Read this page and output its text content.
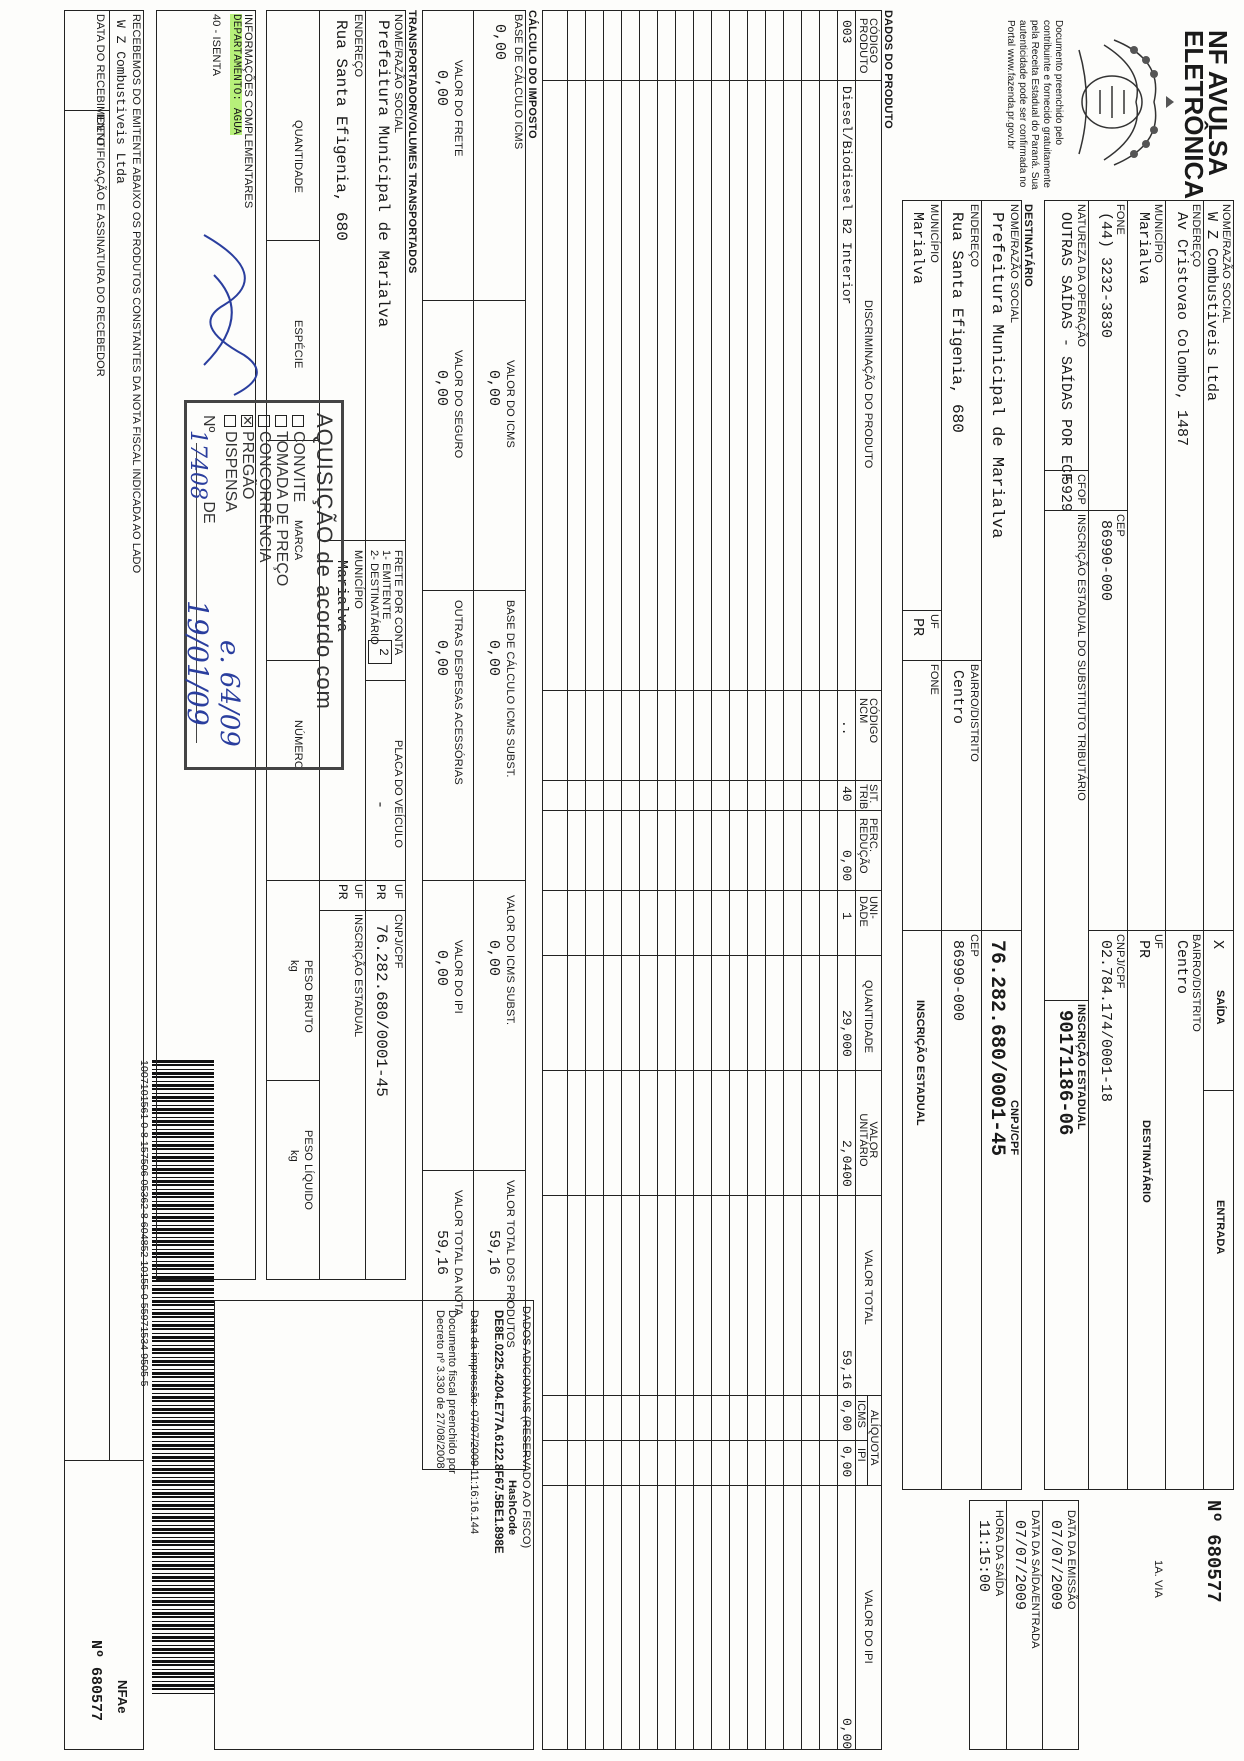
NF AVULSA
ELETRÔNICA
Documento preenchido pelo contribuinte e fornecido gratuitamente pela Receita Estadual do Paraná. Sua autenticidade pode ser confirmada no Portal www.fazenda.pr.gov.br
NOME/RAZÃO SOCIAL
W Z Combustiveis Ltda
X
SAÍDA
ENTRADA
ENDEREÇO
Av Cristovao Colombo, 1487
BAIRRO/DISTRITO
Centro
MUNICÍPIO
Marialva
UF
PR
DESTINATÁRIO
FONE
(44) 3232-3830
CEP
86990-000
CNPJ/CPF
02.784.174/0001-18
NATUREZA DA OPERAÇÃO
OUTRAS SAÍDAS - SAÍDAS POR ECF
CFOP
5929
INSCRIÇÃO ESTADUAL DO SUBSTITUTO TRIBUTÁRIO
INSCRIÇÃO ESTADUAL
90171186-06
Nº 680577
1A. VIA
DATA DA EMISSÃO
07/07/2009
DATA DA SAÍDA/ENTRADA
07/07/2009
HORA DA SAÍDA
11:15:00
DESTINATÁRIO
NOME/RAZÃO SOCIAL
Prefeitura Municipal de Marialva
CNPJ/CPF
76.282.680/0001-45
ENDEREÇO
Rua Santa Efigenia, 680
BAIRRO/DISTRITO
Centro
CEP
86990-000
MUNICÍPIO
Marialva
UF
PR
FONE
INSCRIÇÃO ESTADUAL
DADOS DO PRODUTO
CÓDIGO PRODUTO
DISCRIMINAÇÃO DO PRODUTO
CÓDIGO NCM
SIT. TRIB
PERC. REDUÇÃO
UNI- DADE
QUANTIDADE
VALOR UNITÁRIO
VALOR TOTAL
ALÍQUOTA
ICMS
IPI
VALOR DO IPI
003
Diesel/Biodiesel B2 Interior
..
40
0,00
1
29,000
2,0400
59,16
0,00
0,00
0,00
CÁLCULO DO IMPOSTO
BASE DE CÁLCULO ICMS
0,00
VALOR DO ICMS
0,00
BASE DE CÁLCULO ICMS SUBST.
0,00
VALOR DO ICMS SUBST.
0,00
VALOR TOTAL DOS PRODUTOS
59,16
VALOR DO FRETE
0,00
VALOR DO SEGURO
0,00
OUTRAS DESPESAS ACESSÓRIAS
0,00
VALOR DO IPI
0,00
VALOR TOTAL DA NOTA
59,16
TRANSPORTADOR/VOLUMES TRANSPORTADOS
NOME/RAZÃO SOCIAL
Prefeitura Municipal de Marialva
FRETE POR CONTA
1- EMITENTE
2- DESTINATÁRIO
2
PLACA DO VEÍCULO
-
UF
PR
CNPJ/CPF
76.282.680/0001-45
ENDEREÇO
Rua Santa Efigenia, 680
MUNICÍPIO
Marialva
UF
PR
INSCRIÇÃO ESTADUAL
QUANTIDADE
ESPÉCIE
MARCA
NÚMERO
PESO BRUTO
kg
PESO LÍQUIDO
kg
DADOS ADICIONAIS (RESERVADO AO FISCO)
HashCode
DE8E.0225.4204.E77A.6122.8F67.5BE1.898E
Data da impressão: 07/07/2009 11:16:16.144
Documento fiscal preenchido por
Decreto nº 3.330 de 27/08/2008
1007101561 0-8 157506 05362-8 604852 10155-0 55971534 9505-5
INFORMAÇÕES COMPLEMENTARES
DEPARTAMENTO: AGUA
40 - ISENTA
AQUISIÇÃO de acordo com
CONVITE
TOMADA DE PREÇO
CONCORRÊNCIA
✕PREGÃO
DISPENSA
Nº  DE
e. 64/09
17408
19/01/09
RECEBEMOS DO EMITENTE ABAIXO OS PRODUTOS CONSTANTES DA NOTA FISCAL INDICADA AO LADO
W Z Combustiveis Ltda
DATA DO RECEBIMENTO
IDENTIFICAÇÃO E ASSINATURA DO RECEBEDOR
NFAe
Nº 680577
